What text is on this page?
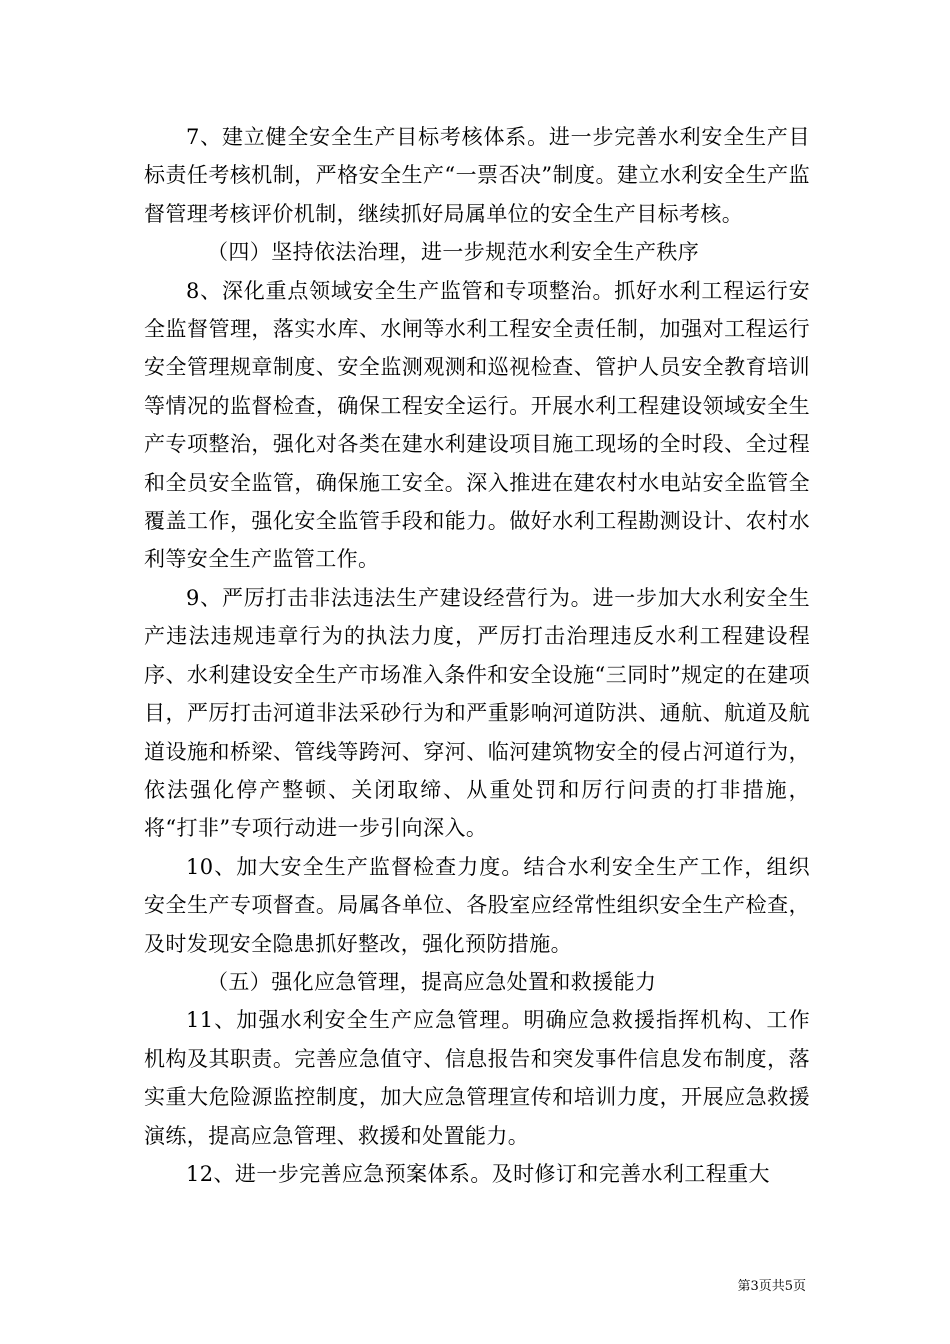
7、建立健全安全生产目标考核体系。进一步完善水利安全生产目标责任考核机制，严格安全生产“一票否决”制度。建立水利安全生产监督管理考核评价机制，继续抓好局属单位的安全生产目标考核。

（四）坚持依法治理，进一步规范水利安全生产秩序

8、深化重点领域安全生产监管和专项整治。抓好水利工程运行安全监督管理，落实水库、水闸等水利工程安全责任制，加强对工程运行安全管理规章制度、安全监测观测和巡视检查、管护人员安全教育培训等情况的监督检查，确保工程安全运行。开展水利工程建设领域安全生产专项整治，强化对各类在建水利建设项目施工现场的全时段、全过程和全员安全监管，确保施工安全。深入推进在建农村水电站安全监管全覆盖工作，强化安全监管手段和能力。做好水利工程勘测设计、农村水利等安全生产监管工作。

9、严厉打击非法违法生产建设经营行为。进一步加大水利安全生产违法违规违章行为的执法力度，严厉打击治理违反水利工程建设程序、水利建设安全生产市场准入条件和安全设施“三同时”规定的在建项目，严厉打击河道非法采砂行为和严重影响河道防洪、通航、航道及航道设施和桥梁、管线等跨河、穿河、临河建筑物安全的侵占河道行为，依法强化停产整顿、关闭取缔、从重处罚和厉行问责的打非措施，将“打非”专项行动进一步引向深入。

10、加大安全生产监督检查力度。结合水利安全生产工作，组织安全生产专项督查。局属各单位、各股室应经常性组织安全生产检查，及时发现安全隐患抓好整改，强化预防措施。

（五）强化应急管理，提高应急处置和救援能力

11、加强水利安全生产应急管理。明确应急救援指挥机构、工作机构及其职责。完善应急值守、信息报告和突发事件信息发布制度，落实重大危险源监控制度，加大应急管理宣传和培训力度，开展应急救援演练，提高应急管理、救援和处置能力。

12、进一步完善应急预案体系。及时修订和完善水利工程重大

第3页共5页
